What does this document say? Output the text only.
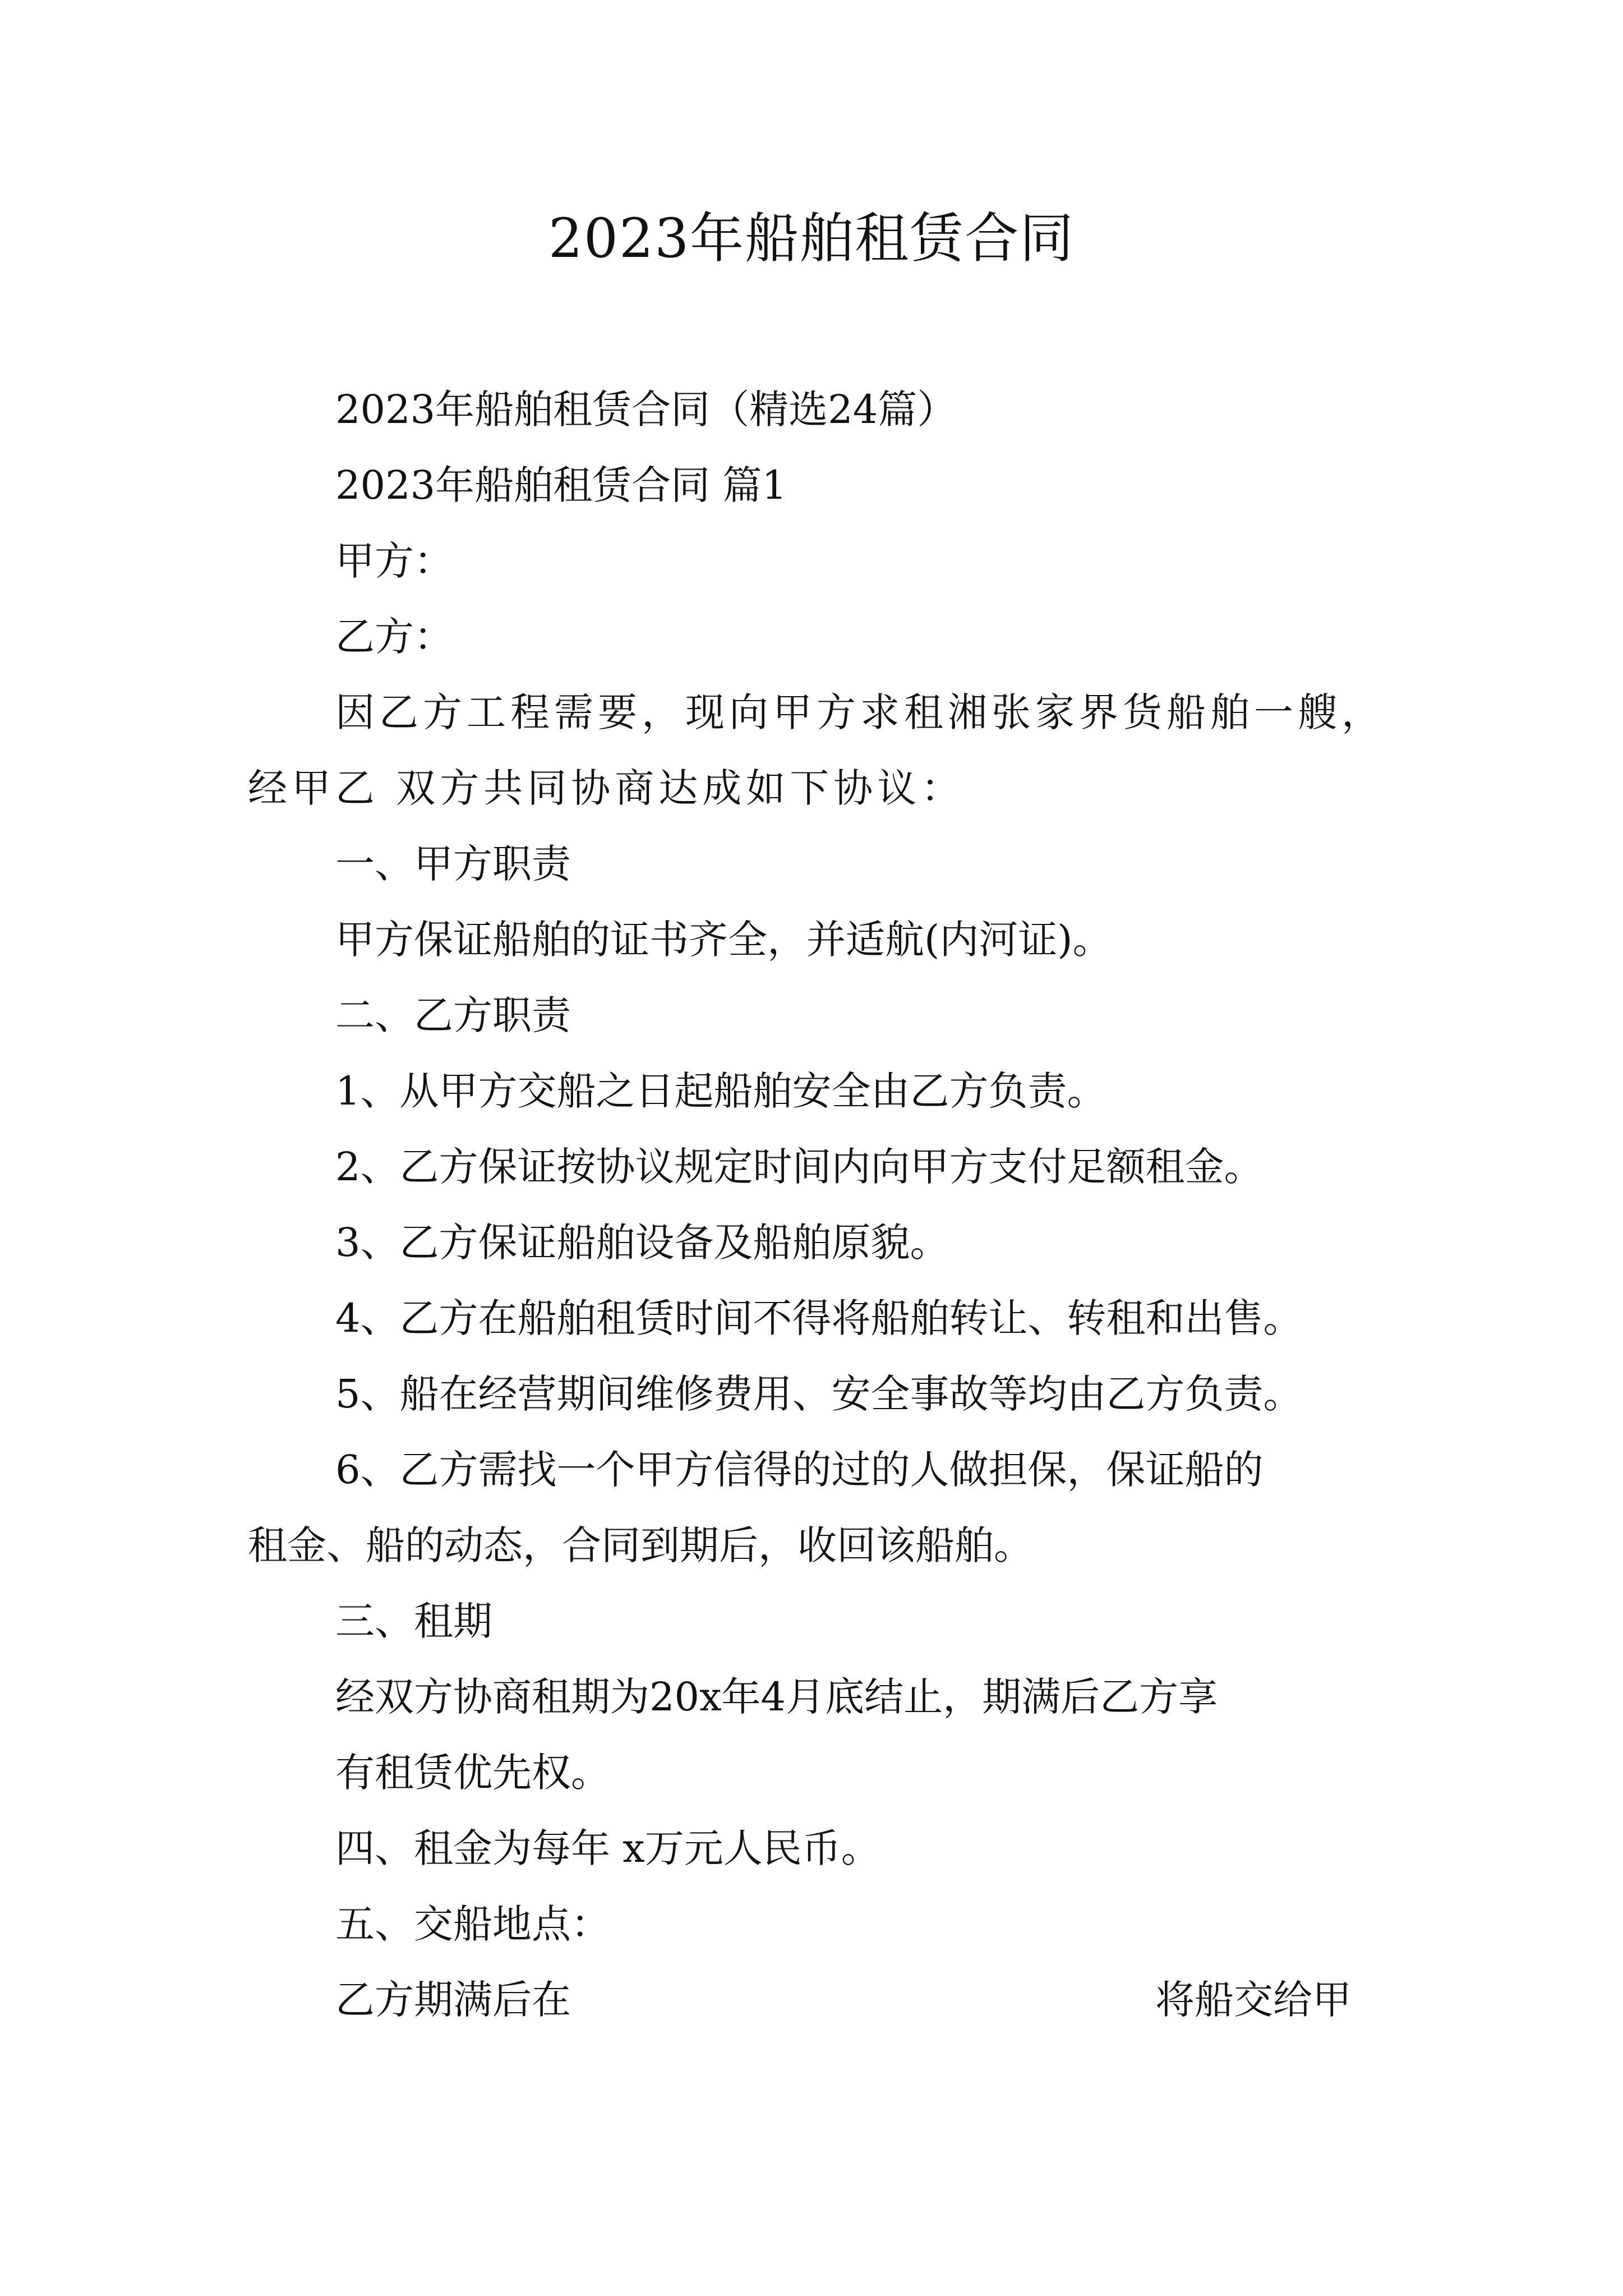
2023年船舶租赁合同
2023年船舶租赁合同（精选24篇）
2023年船舶租赁合同 篇1
甲方：
乙方：
因乙方工程需要，现向甲方求租湘张家界货船舶一艘，
经甲乙 双方共同协商达成如下协议：
一、甲方职责
甲方保证船舶的证书齐全，并适航(内河证)。
二、乙方职责
1、从甲方交船之日起船舶安全由乙方负责。
2、乙方保证按协议规定时间内向甲方支付足额租金。
3、乙方保证船舶设备及船舶原貌。
4、乙方在船舶租赁时间不得将船舶转让、转租和出售。
5、船在经营期间维修费用、安全事故等均由乙方负责。
6、乙方需找一个甲方信得的过的人做担保，保证船的
租金、船的动态，合同到期后，收回该船舶。
三、租期
经双方协商租期为20x年4月底结止，期满后乙方享
有租赁优先权。
四、租金为每年 x万元人民币。
五、交船地点：
乙方期满后在	将船交给甲
